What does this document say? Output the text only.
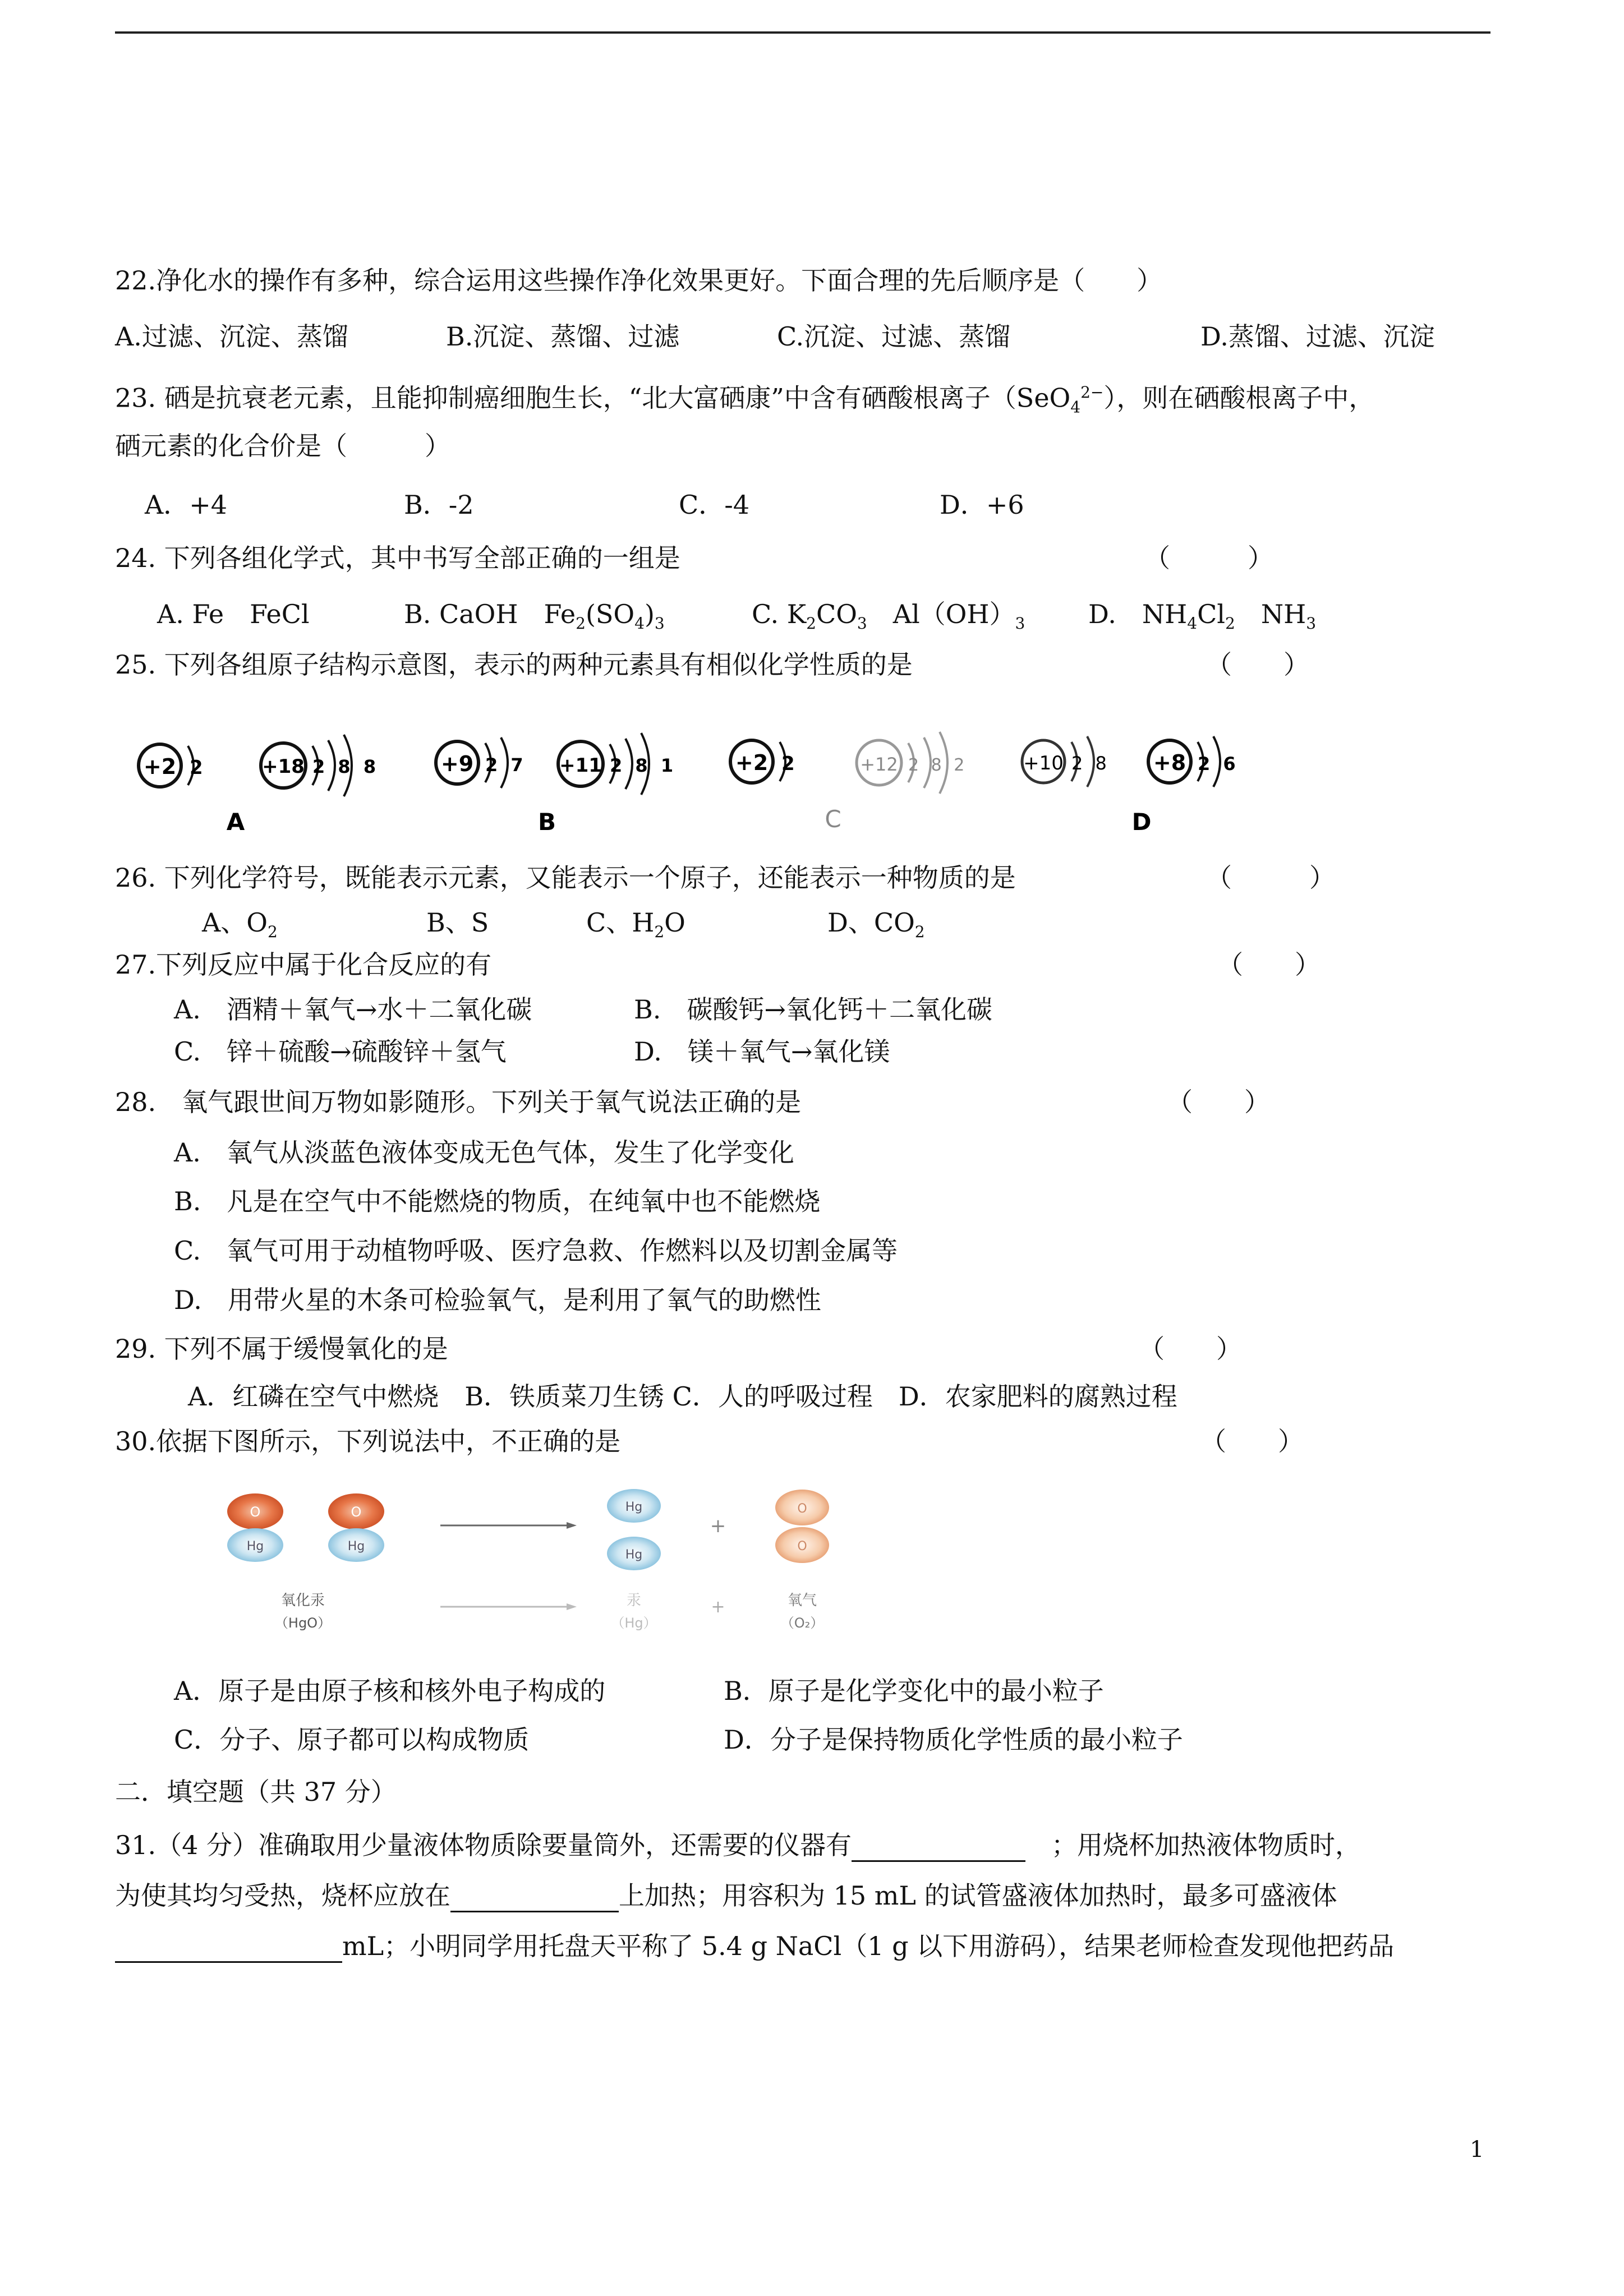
22.净化水的操作有多种，综合运用这些操作净化效果更好。下面合理的先后顺序是（　　）
A.过滤、沉淀、蒸馏	B.沉淀、蒸馏、过滤	C.沉淀、过滤、蒸馏	D.蒸馏、过滤、沉淀
23. 硒是抗衰老元素，且能抑制癌细胞生长，“北大富硒康”中含有硒酸根离子（SeO$_4^{2-}$），则在硒酸根离子中，
硒元素的化合价是（　　　）
A．+4	B．-2	C．-4	D．+6
24. 下列各组化学式，其中书写全部正确的一组是	（　　　）
A. Fe　FeCl	B. CaOH　$Fe_2(SO_4)_3$	C. $K_2CO_3$　$Al(OH)_3$ D.　$NH_4Cl_2$　$NH_3$
25. 下列各组原子结构示意图，表示的两种元素具有相似化学性质的是	（　　）
+2 2	+18 2 8 8
A
+9 2 7 +11 2 8 1
B
+2 2	+12 2 8 2
C
+10 2 8 +8 2 6
D
26. 下列化学符号，既能表示元素，又能表示一个原子，还能表示一种物质的是	（　　　）
A、$O_2$	B、S	C、$H_2O$	D、$CO_2$
27.下列反应中属于化合反应的有	（　　）
A.　酒精＋氧气→水＋二氧化碳	B.　碳酸钙→氧化钙＋二氧化碳
C.　锌＋硫酸→硫酸锌＋氢气	D.　镁＋氧气→氧化镁
28.　氧气跟世间万物如影随形。下列关于氧气说法正确的是	（　　）
A.　氧气从淡蓝色液体变成无色气体，发生了化学变化
B.　凡是在空气中不能燃烧的物质，在纯氧中也不能燃烧
C.　氧气可用于动植物呼吸、医疗急救、作燃料以及切割金属等
D.　用带火星的木条可检验氧气，是利用了氧气的助燃性
29. 下列不属于缓慢氧化的是	（　　）
A．红磷在空气中燃烧　B．铁质菜刀生锈 C．人的呼吸过程　D．农家肥料的腐熟过程
30.依据下图所示，下列说法中，不正确的是	（　　）
O
Hg
O
Hg
Hg
Hg
+
O
O
氧化汞
（HgO）
汞
（Hg）
+	氧气
（O₂）
A．原子是由原子核和核外电子构成的	B．原子是化学变化中的最小粒子
C．分子、原子都可以构成物质	D．分子是保持物质化学性质的最小粒子
二．填空题（共 37 分）
31.（4 分）准确取用少量液体物质除要量筒外，还需要的仪器有	　；用烧杯加热液体物质时，
为使其均匀受热，烧杯应放在	上加热；用容积为 15 mL 的试管盛液体加热时，最多可盛液体
mL；小明同学用托盘天平称了 5.4 g NaCl（1 g 以下用游码），结果老师检查发现他把药品
1
